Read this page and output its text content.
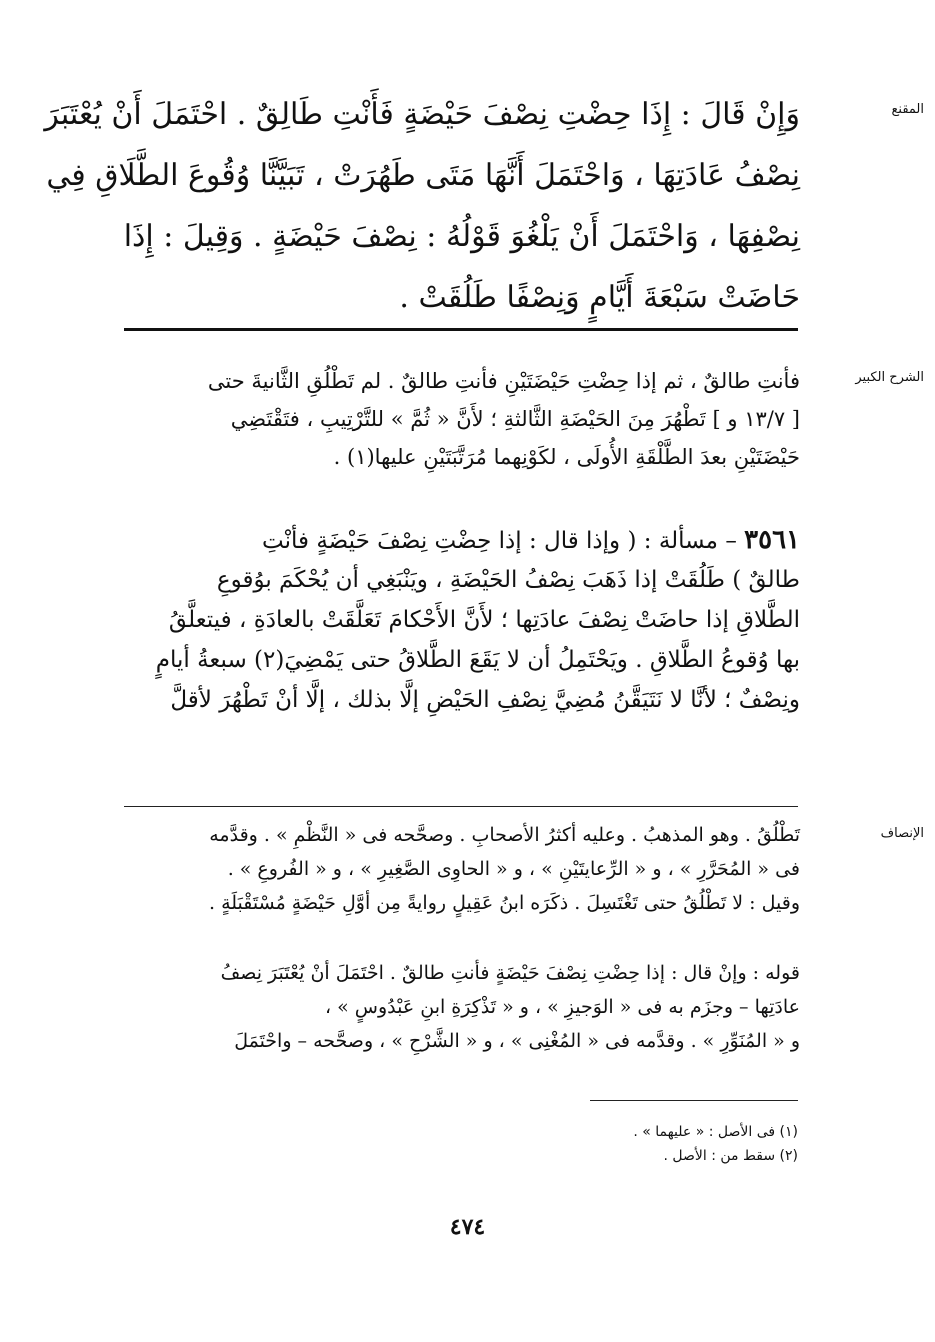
المقنع
وَإِنْ قَالَ : إِذَا حِضْتِ نِصْفَ حَيْضَةٍ فَأَنْتِ طَالِقٌ . احْتَمَلَ أَنْ يُعْتَبَرَ
نِصْفُ عَادَتِهَا ، وَاحْتَمَلَ أَنَّهَا مَتَى طَهُرَتْ ، تَبَيَّنَّا وُقُوعَ الطَّلَاقِ فِي
نِصْفِهَا ، وَاحْتَمَلَ أَنْ يَلْغُوَ قَوْلُهُ : نِصْفَ حَيْضَةٍ . وَقِيلَ : إِذَا
حَاضَتْ سَبْعَةَ أَيَّامٍ وَنِصْفًا طَلُقَتْ .
الشرح الكبير
فأنتِ طالقٌ ، ثم إذا حِضْتِ حَيْضَتَيْنِ فأنتِ طالقٌ . لم تَطْلُقِ الثَّانيةَ حتى
[ ١٣/٧ و ] تَطْهُرَ مِنَ الحَيْضَةِ الثَّالثةِ ؛ لأَنَّ « ثُمَّ » للتَّرْتِيبِ ، فتَقْتَضِي
حَيْضَتَيْنِ بعدَ الطَّلْقَةِ الأُولَى ، لكَوْنِهما مُرَتَّبَتَيْنِ عليها(١) .
٣٥٦١ – مسألة : ( وإذا قال : إذا حِضْتِ نِصْفَ حَيْضَةٍ فأنْتِ
طالقٌ ) طَلُقَتْ إذا ذَهَبَ نِصْفُ الحَيْضَةِ ، ويَنْبَغِي أن يُحْكَمَ بوُقوعِ
الطَّلاقِ إذا حاضَتْ نِصْفَ عادَتِها ؛ لأَنَّ الأَحْكامَ تَعَلَّقَتْ بالعادَةِ ، فيتعلَّقُ
بها وُقوعُ الطَّلاقِ . ويَحْتَمِلُ أن لا يَقَعَ الطَّلاقُ حتى يَمْضِيَ(٢) سبعةُ أيامٍ
ونِصْفٌ ؛ لأنَّا لا نَتَيَقَّنُ مُضِيَّ نِصْفِ الحَيْضِ إلَّا بذلك ، إلَّا أنْ تَطْهُرَ لأقلَّ
الإنصاف
تَطْلُقُ . وهو المذهبُ . وعليه أكثرُ الأصحابِ . وصحَّحه فى « النَّظْمِ » . وقدَّمه
فى « المُحَرَّرِ » ، و « الرِّعايتَيْنِ » ، و « الحاوِى الصَّغِيرِ » ، و « الفُروعِ » .
وقيل : لا تَطْلُقُ حتى تَغْتَسِلَ . ذكَرَه ابنُ عَقِيلٍ روايةً مِن أوَّلِ حَيْضَةٍ مُسْتَقْبَلَةٍ .
قوله : وإنْ قال : إذا حِضْتِ نِصْفَ حَيْضَةٍ فأنتِ طالقٌ . احْتَمَلَ أنْ يُعْتَبَرَ نِصفُ
عادَتِها – وجزَم به فى « الوَجيزِ » ، و « تَذْكِرَةِ ابنِ عَبْدُوسٍ » ،
و « المُنَوِّرِ » . وقدَّمه فى « المُغْنِى » ، و « الشَّرْحِ » ، وصحَّحه – واحْتَمَلَ
(١) فى الأصل : « عليهما » .
(٢) سقط من : الأصل .
٤٧٤
